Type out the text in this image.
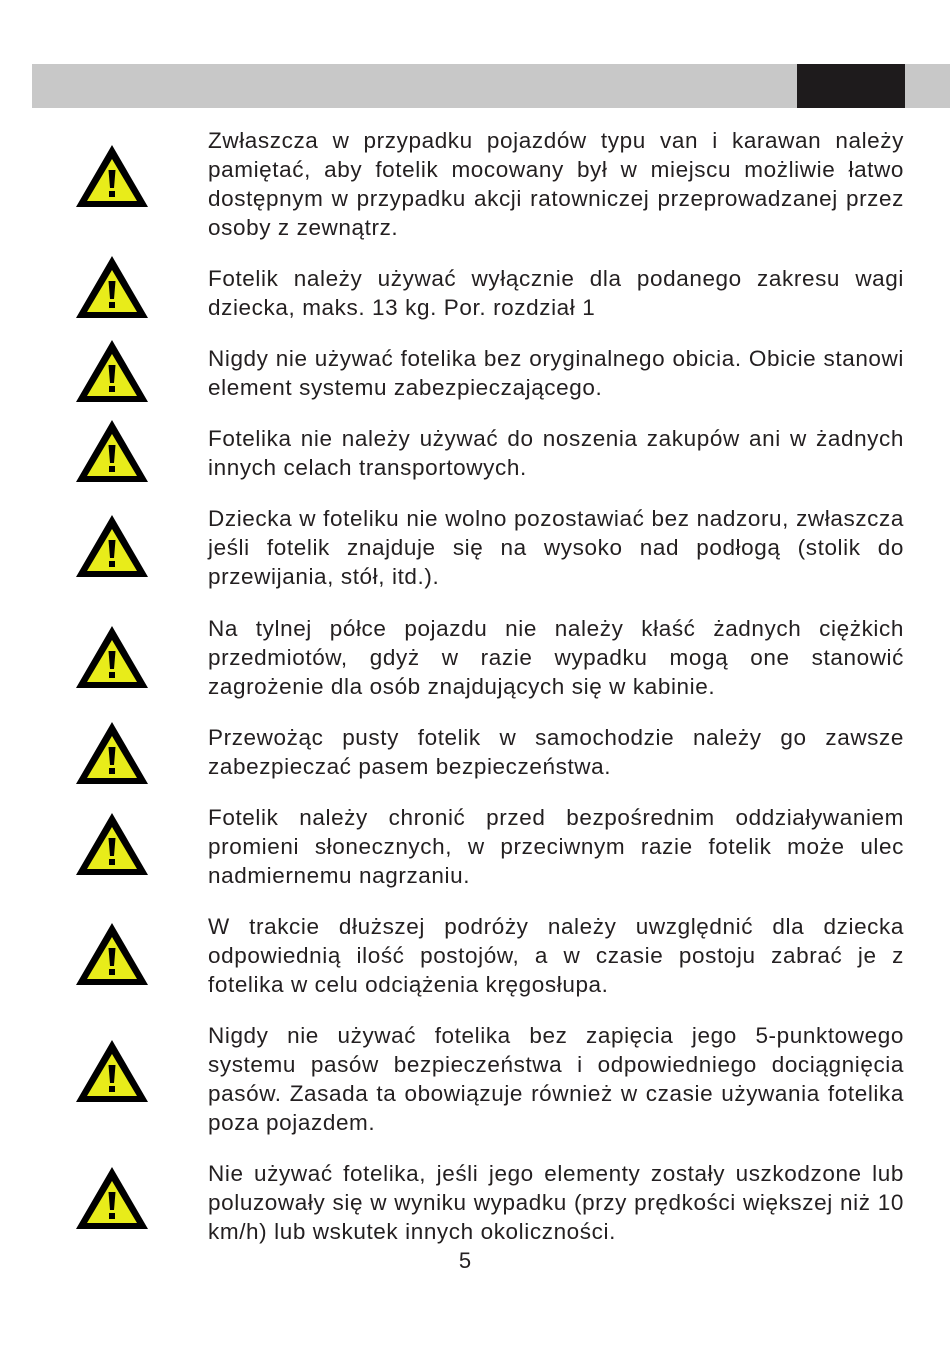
Zwłaszcza w przypadku pojazdów typu van i karawan należy pamiętać, aby fotelik mocowany był w miejscu możliwie łatwo dostępnym w przypadku akcji ratowniczej przeprowadzanej przez osoby z zewnątrz.

Fotelik należy używać wyłącznie dla podanego zakresu wagi dziecka, maks. 13 kg. Por. rozdział 1

Nigdy nie używać fotelika bez oryginalnego obicia. Obicie stanowi element systemu zabezpieczającego.

Fotelika nie należy używać do noszenia zakupów ani w żadnych innych celach transportowych.

Dziecka w foteliku nie wolno pozostawiać bez nadzoru, zwłaszcza jeśli fotelik znajduje się na wysoko nad podłogą (stolik do przewijania, stół, itd.).

Na tylnej półce pojazdu nie należy kłaść żadnych ciężkich przedmiotów, gdyż w razie wypadku mogą one stanowić zagrożenie dla osób znajdujących się w kabinie.

Przewożąc pusty fotelik w samochodzie należy go zawsze zabezpieczać pasem bezpieczeństwa.

Fotelik należy chronić przed bezpośrednim oddziaływaniem promieni słonecznych, w przeciwnym razie fotelik może ulec nadmiernemu nagrzaniu.

W trakcie dłuższej podróży należy uwzględnić dla dziecka odpowiednią ilość postojów, a w czasie postoju zabrać je z fotelika w celu odciążenia kręgosłupa.

Nigdy nie używać fotelika bez zapięcia jego 5-punktowego systemu pasów bezpieczeństwa i odpowiedniego dociągnięcia pasów. Zasada ta obowiązuje również w czasie używania fotelika poza pojazdem.

Nie używać fotelika, jeśli jego elementy zostały uszkodzone lub poluzowały się w wyniku wypadku (przy prędkości większej niż 10 km/h) lub wskutek innych okoliczności.

5
